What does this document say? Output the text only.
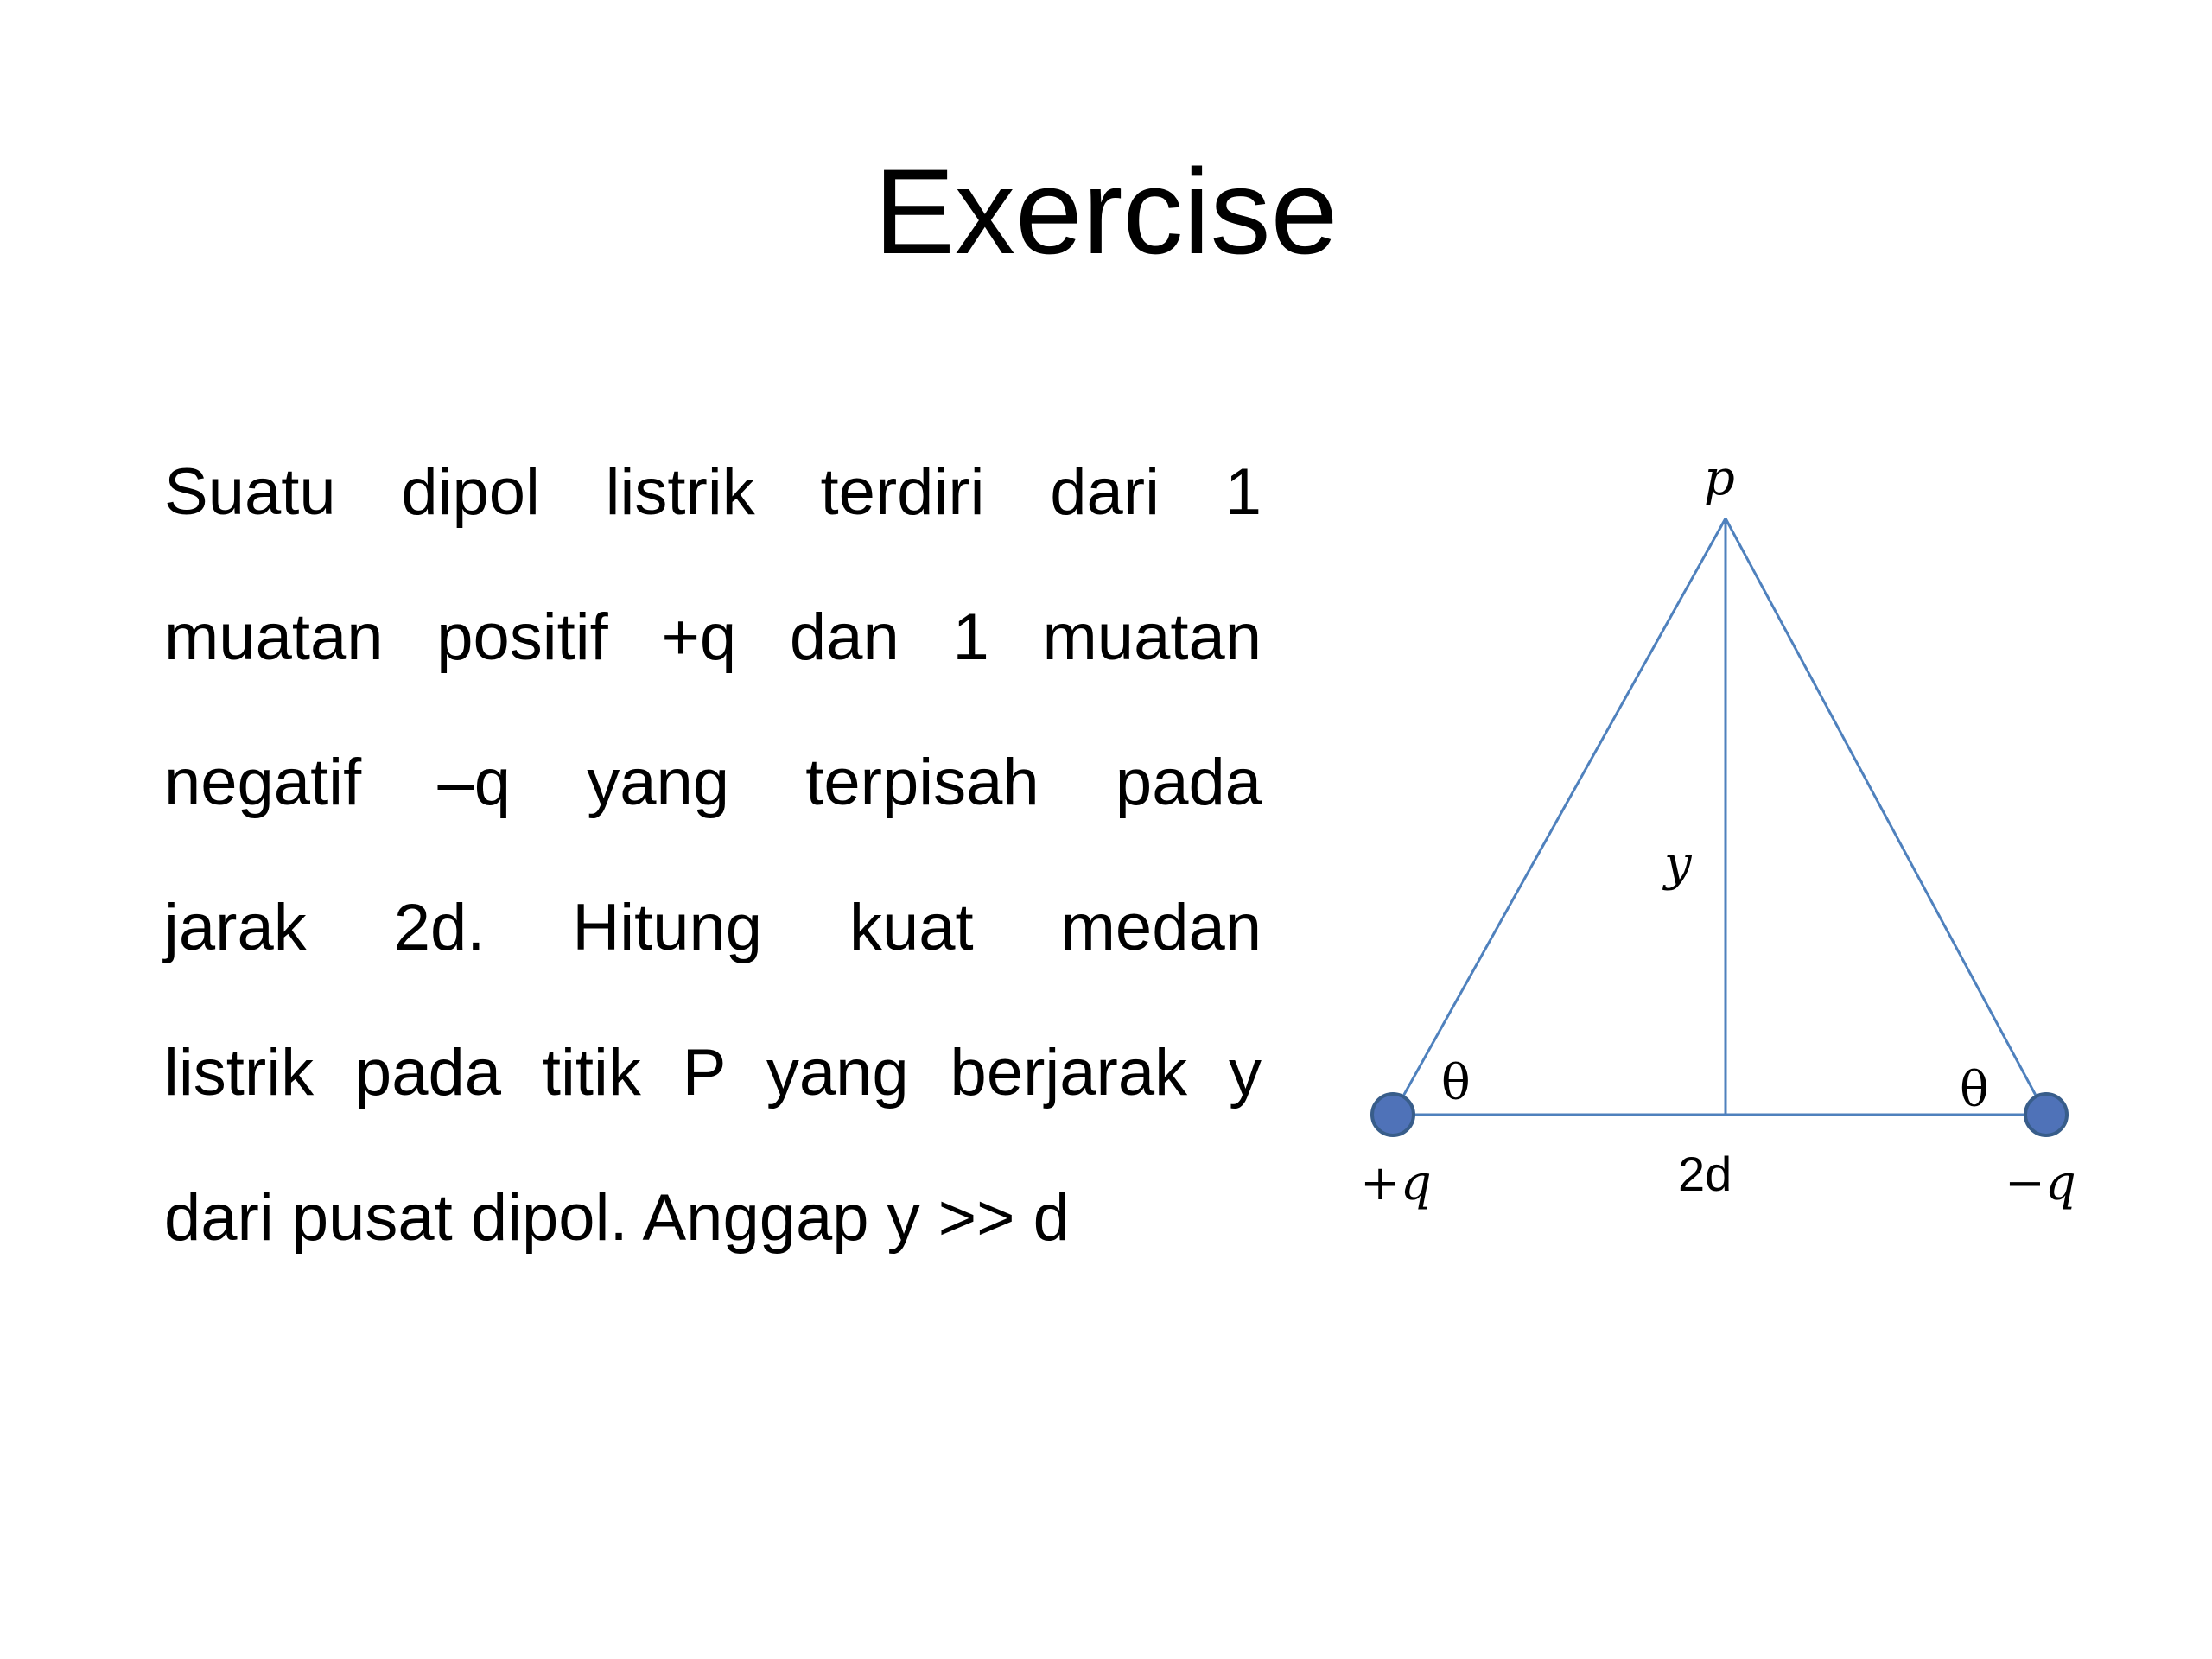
Exercise
Suatu dipol listrik terdiri dari 1
muatan positif +q dan 1 muatan
negatif –q yang terpisah pada
jarak 2d. Hitung kuat medan
listrik pada titik P yang berjarak y
dari pusat dipol. Anggap y >> d
p
y
2d
+q	−q
θ	θ
